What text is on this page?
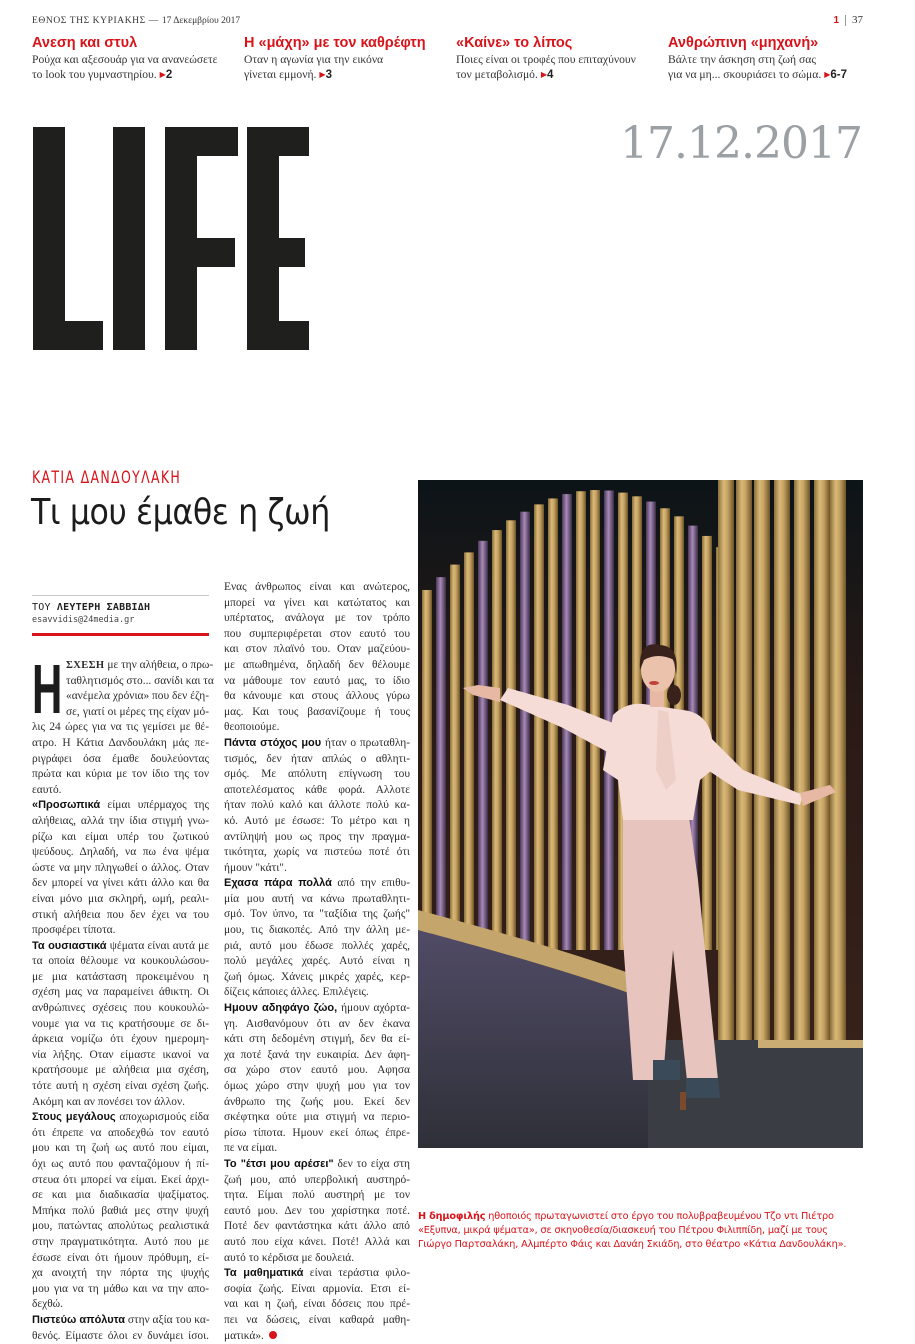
ΕΘΝΟΣ ΤΗΣ ΚΥΡΙΑΚΗΣ — 17 Δεκεμβρίου 2017	1 37
Ανεση και στυλ

Ρούχα και αξεσουάρ για να ανανεώσετε
το look του γυμναστηρίου. ▶2

Η «μάχη» με τον καθρέφτη

Οταν η αγωνία για την εικόνα
γίνεται εμμονή. ▶3

«Καίνε» το λίπος

Ποιες είναι οι τροφές που επιταχύνουν
τον μεταβολισμό. ▶4

Ανθρώπινη «μηχανή»

Βάλτε την άσκηση στη ζωή σας
για να μη... σκουριάσει το σώμα. ▶6-7

17.12.2017
ΚΑΤΙΑ ΔΑΝΔΟΥΛΑΚΗ
Τι μου έμαθε η ζωή
ΤΟΥ ΛΕΥΤΕΡΗ ΣΑΒΒΙΔΗ
esavvidis@24media.gr
Η ΣΧΕΣΗ με την αλήθεια, ο πρω-
ταθλητισμός στο... σανίδι και τα
«ανέμελα χρόνια» που δεν έζη-
σε, γιατί οι μέρες της είχαν μό-
λις 24 ώρες για να τις γεμίσει με θέ-
ατρο. Η Κάτια Δανδουλάκη μάς πε-
ριγράφει όσα έμαθε δουλεύοντας
πρώτα και κύρια με τον ίδιο της τον
εαυτό.
«Προσωπικά είμαι υπέρμαχος της
αλήθειας, αλλά την ίδια στιγμή γνω-
ρίζω και είμαι υπέρ του ζωτικού
ψεύδους. Δηλαδή, να πω ένα ψέμα
ώστε να μην πληγωθεί ο άλλος. Οταν
δεν μπορεί να γίνει κάτι άλλο και θα
είναι μόνο μια σκληρή, ωμή, ρεαλι-
στική αλήθεια που δεν έχει να του
προσφέρει τίποτα.
Τα ουσιαστικά ψέματα είναι αυτά με
τα οποία θέλουμε να κουκουλώσου-
με μια κατάσταση προκειμένου η
σχέση μας να παραμείνει άθικτη. Οι
ανθρώπινες σχέσεις που κουκουλώ-
νουμε για να τις κρατήσουμε σε δι-
άρκεια νομίζω ότι έχουν ημερομη-
νία λήξης. Οταν είμαστε ικανοί να
κρατήσουμε με αλήθεια μια σχέση,
τότε αυτή η σχέση είναι σχέση ζωής.
Ακόμη και αν πονέσει τον άλλον.
Στους μεγάλους αποχωρισμούς είδα
ότι έπρεπε να αποδεχθώ τον εαυτό
μου και τη ζωή ως αυτό που είμαι,
όχι ως αυτό που φανταζόμουν ή πί-
στευα ότι μπορεί να είμαι. Εκεί άρχι-
σε και μια διαδικασία ψαξίματος.
Μπήκα πολύ βαθιά μες στην ψυχή
μου, πατώντας απολύτως ρεαλιστικά
στην πραγματικότητα. Αυτό που με
έσωσε είναι ότι ήμουν πρόθυμη, εί-
χα ανοιχτή την πόρτα της ψυχής
μου για να τη μάθω και να την απο-
δεχθώ.
Πιστεύω απόλυτα στην αξία του κα-
θενός. Είμαστε όλοι εν δυνάμει ίσοι.
Ενας άνθρωπος είναι και ανώτερος,
μπορεί να γίνει και κατώτατος και
υπέρτατος, ανάλογα με τον τρόπο
που συμπεριφέρεται στον εαυτό του
και στον πλαϊνό του. Οταν μαζεύου-
με απωθημένα, δηλαδή δεν θέλουμε
να μάθουμε τον εαυτό μας, το ίδιο
θα κάνουμε και στους άλλους γύρω
μας. Και τους βασανίζουμε ή τους
θεοποιούμε.
Πάντα στόχος μου ήταν ο πρωταθλη-
τισμός, δεν ήταν απλώς ο αθλητι-
σμός. Με απόλυτη επίγνωση του
αποτελέσματος κάθε φορά. Αλλοτε
ήταν πολύ καλό και άλλοτε πολύ κα-
κό. Αυτό με έσωσε: Το μέτρο και η
αντίληψή μου ως προς την πραγμα-
τικότητα, χωρίς να πιστεύω ποτέ ότι
ήμουν "κάτι".
Εχασα πάρα πολλά από την επιθυ-
μία μου αυτή να κάνω πρωταθλητι-
σμό. Τον ύπνο, τα "ταξίδια της ζωής"
μου, τις διακοπές. Από την άλλη με-
ριά, αυτό μου έδωσε πολλές χαρές,
πολύ μεγάλες χαρές. Αυτό είναι η
ζωή όμως. Χάνεις μικρές χαρές, κερ-
δίζεις κάποιες άλλες. Επιλέγεις.
Ημουν αδηφάγο ζώο, ήμουν αχόρτα-
γη. Αισθανόμουν ότι αν δεν έκανα
κάτι στη δεδομένη στιγμή, δεν θα εί-
χα ποτέ ξανά την ευκαιρία. Δεν άφη-
σα χώρο στον εαυτό μου. Αφησα
όμως χώρο στην ψυχή μου για τον
άνθρωπο της ζωής μου. Εκεί δεν
σκέφτηκα ούτε μια στιγμή να περιο-
ρίσω τίποτα. Ημουν εκεί όπως έπρε-
πε να είμαι.
Το "έτσι μου αρέσει" δεν το είχα στη
ζωή μου, από υπερβολική αυστηρό-
τητα. Είμαι πολύ αυστηρή με τον
εαυτό μου. Δεν του χαρίστηκα ποτέ.
Ποτέ δεν φαντάστηκα κάτι άλλο από
αυτό που είχα κάνει. Ποτέ! Αλλά και
αυτό το κέρδισα με δουλειά.
Τα μαθηματικά είναι τεράστια φιλο-
σοφία ζωής. Είναι αρμονία. Ετσι εί-
ναι και η ζωή, είναι δόσεις που πρέ-
πει να δώσεις, είναι καθαρά μαθη-
ματικά».
Η δημοφιλής ηθοποιός πρωταγωνιστεί στο έργο του πολυβραβευμένου Τζο ντι Πιέτρο
«Εξυπνα, μικρά ψέματα», σε σκηνοθεσία/διασκευή του Πέτρου Φιλιππίδη, μαζί με τους
Γιώργο Παρτσαλάκη, Αλμπέρτο Φάις και Δανάη Σκιάδη, στο θέατρο «Κάτια Δανδουλάκη».
